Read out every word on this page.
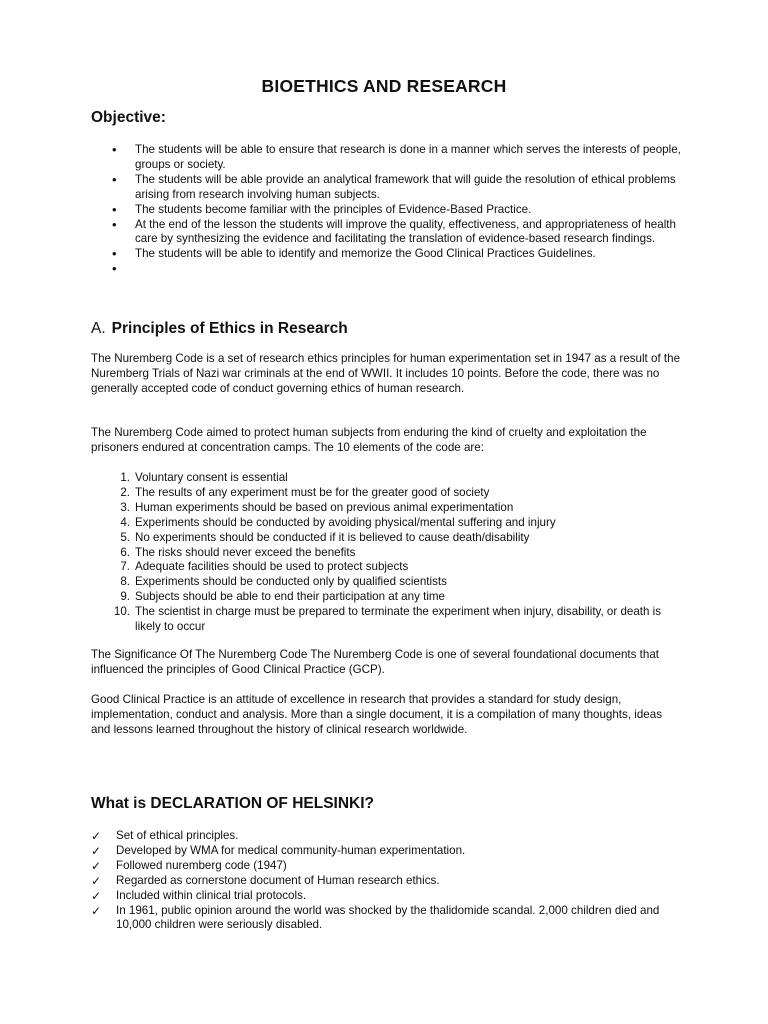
BIOETHICS AND RESEARCH
Objective:
• The students will be able to ensure that research is done in a manner which serves the interests of people, groups or society.
• The students will be able provide an analytical framework that will guide the resolution of ethical problems arising from research involving human subjects.
• The students become familiar with the principles of Evidence-Based Practice.
• At the end of the lesson the students will improve the quality, effectiveness, and appropriateness of health care by synthesizing the evidence and facilitating the translation of evidence-based research findings.
• The students will be able to identify and memorize the Good Clinical Practices Guidelines.
•
A. Principles of Ethics in Research

The Nuremberg Code is a set of research ethics principles for human experimentation set in 1947 as a result of the Nuremberg Trials of Nazi war criminals at the end of WWII. It includes 10 points. Before the code, there was no generally accepted code of conduct governing ethics of human research.

The Nuremberg Code aimed to protect human subjects from enduring the kind of cruelty and exploitation the prisoners endured at concentration camps. The 10 elements of the code are:

1. Voluntary consent is essential
2. The results of any experiment must be for the greater good of society
3. Human experiments should be based on previous animal experimentation
4. Experiments should be conducted by avoiding physical/mental suffering and injury
5. No experiments should be conducted if it is believed to cause death/disability
6. The risks should never exceed the benefits
7. Adequate facilities should be used to protect subjects
8. Experiments should be conducted only by qualified scientists
9. Subjects should be able to end their participation at any time
10. The scientist in charge must be prepared to terminate the experiment when injury, disability, or death is likely to occur

The Significance Of The Nuremberg Code The Nuremberg Code is one of several foundational documents that influenced the principles of Good Clinical Practice (GCP).

Good Clinical Practice is an attitude of excellence in research that provides a standard for study design, implementation, conduct and analysis. More than a single document, it is a compilation of many thoughts, ideas and lessons learned throughout the history of clinical research worldwide.

What is DECLARATION OF HELSINKI?
✓ Set of ethical principles.
✓ Developed by WMA for medical community-human experimentation.
✓ Followed nuremberg code (1947)
✓ Regarded as cornerstone document of Human research ethics.
✓ Included within clinical trial protocols.
✓ In 1961, public opinion around the world was shocked by the thalidomide scandal. 2,000 children died and 10,000 children were seriously disabled.
